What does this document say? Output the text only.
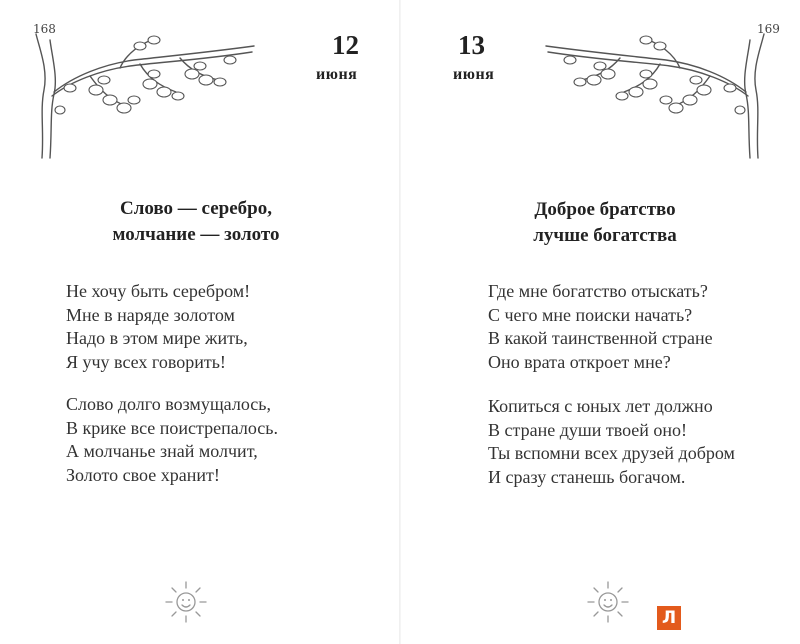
168
12
июня
Слово — серебро,
молчание — золото
Не хочу быть серебром!
Мне в наряде золотом
Надо в этом мире жить,
Я учу всех говорить!
Слово долго возмущалось,
В крике все поистрепалось.
А молчанье знай молчит,
Золото свое хранит!
169
13
июня
Доброе братство
лучше богатства
Где мне богатство отыскать?
С чего мне поиски начать?
В какой таинственной стране
Оно врата откроет мне?
Копиться с юных лет должно
В стране души твоей оно!
Ты вспомни всех друзей добром
И сразу станешь богачом.
Л
